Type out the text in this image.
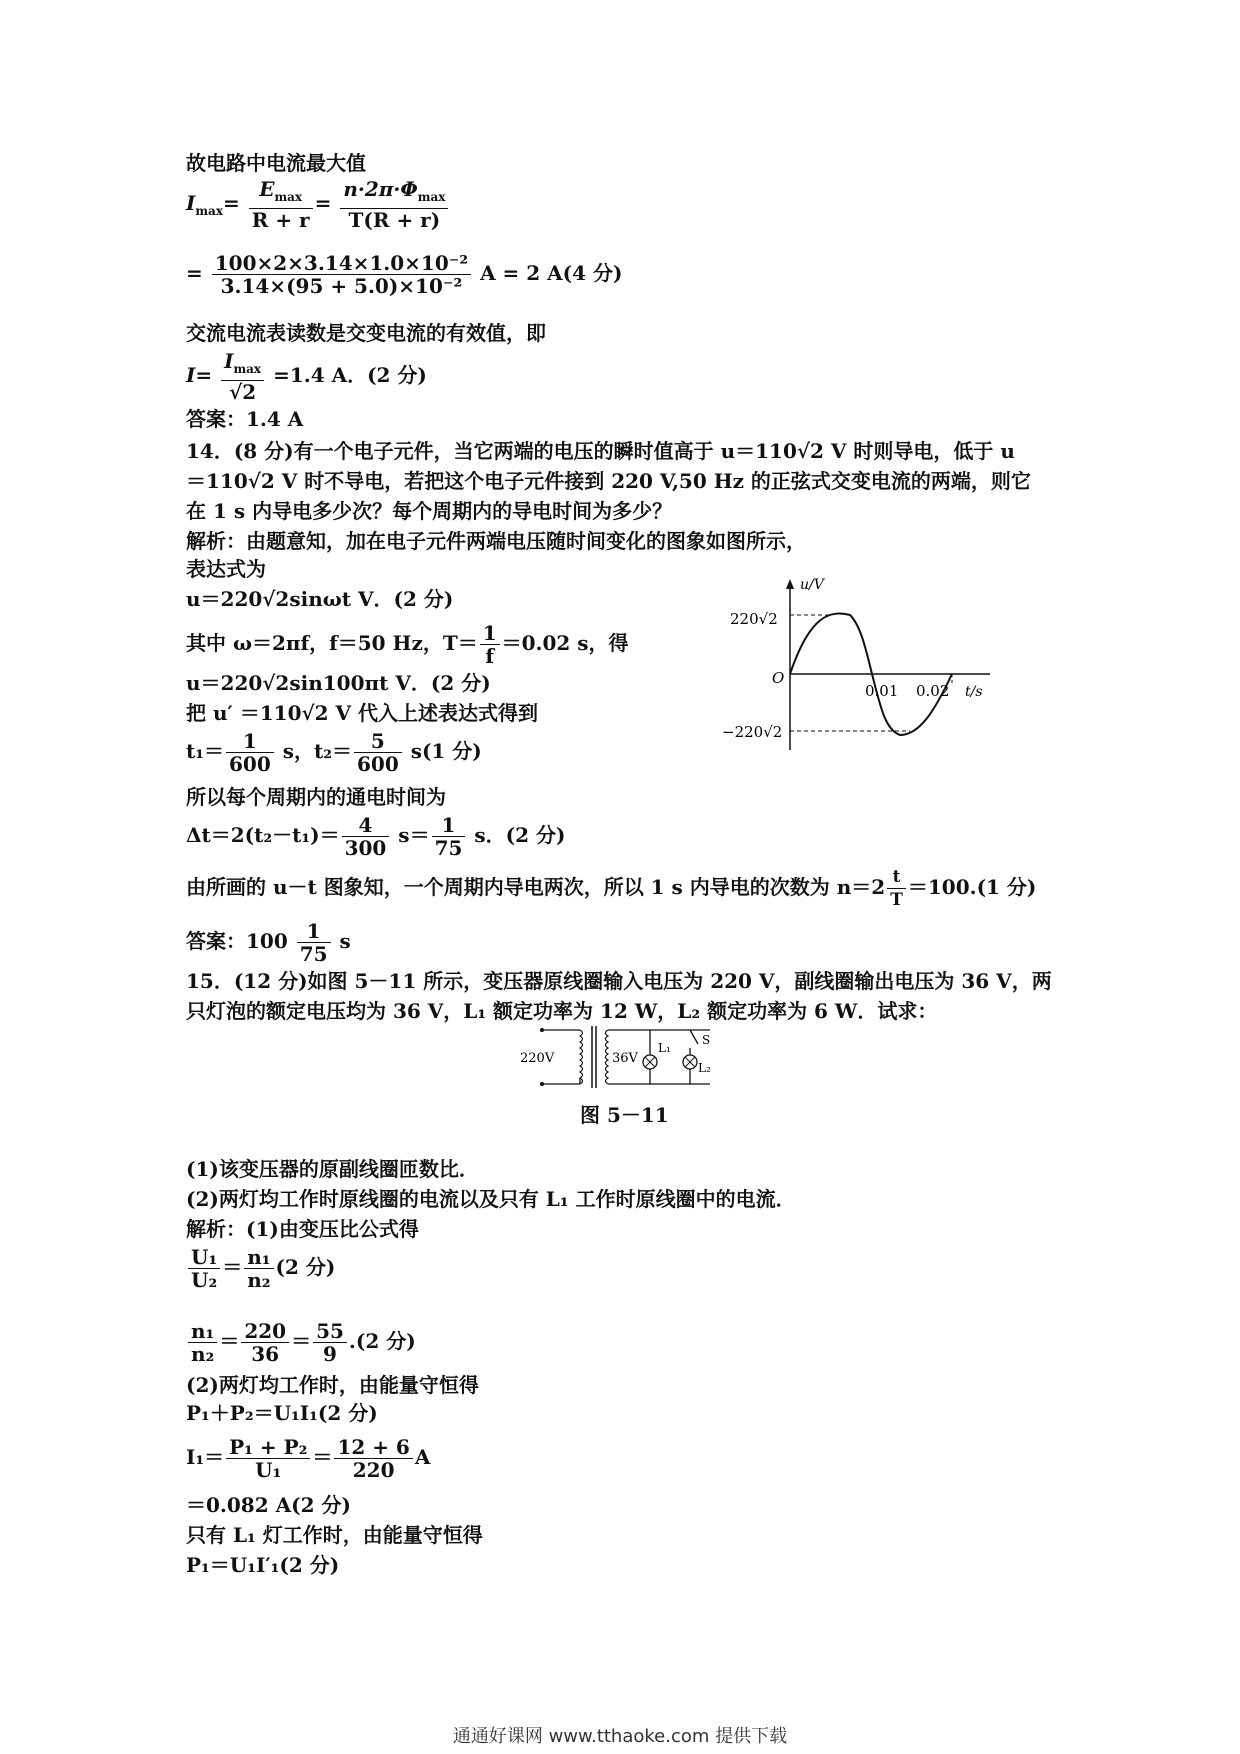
故电路中电流最大值
$I_{max}= \frac{E_{max}}{R + r} = \frac{n\cdot 2\pi\cdot\Phi_{max}}{T(R + r)}$
= $\frac{\text{100×2×3.14×1.0×10⁻²}}{\text{3.14×(95 + 5.0)×10⁻²}}$ A = 2 A(4 分)
交流电流表读数是交变电流的有效值，即
$I= \frac{I_{max}}{√2} =1.4$ A．(2 分)
答案：1.4 A
14．(8 分)有一个电子元件，当它两端的电压的瞬时值高于 u＝110√2 V 时则导电，低于 u
＝110√2 V 时不导电，若把这个电子元件接到 220 V,50 Hz 的正弦式交变电流的两端，则它
在 1 s 内导电多少次？每个周期内的导电时间为多少？
解析：由题意知，加在电子元件两端电压随时间变化的图象如图所示，
表达式为
u＝220√2sinωt V．(2 分)
其中 ω＝2πf，f＝50 Hz，$T= \frac{1}{f} =0.02$ s，得
u＝220√2sin100πt V．(2 分)
把 u′ ＝110√2 V 代入上述表达式得到
$t_1= \frac{1}{600}$ s，$t_2= \frac{5}{600} s(1$ 分)
所以每个周期内的通电时间为
$\Delta t=2(t_2-t_1)= \frac{4}{300} s= \frac{1}{75}$ s．(2 分)
由所画的 u－t 图象知，一个周期内导电两次，所以 1 s 内导电的次数为 $n=2 \frac{t}{T} =100.(1$ 分)
答案：$100 \frac{1}{75}$ s
u/V
220√2
O
0.01 0.02 t/s
−220√2
15．(12 分)如图 5－11 所示，变压器原线圈输入电压为 220 V，副线圈输出电压为 36 V，两
只灯泡的额定电压均为 36 V，L₁ 额定功率为 12 W，L₂ 额定功率为 6 W．试求：
220V	36V
L₁
S
L₂
图 5－11
(1)该变压器的原副线圈匝数比．
(2)两灯均工作时原线圈的电流以及只有 L₁ 工作时原线圈中的电流．
解析：(1)由变压比公式得
$\frac{\text{U₁}}{\text{U₂}} = \frac{\text{n₁}}{\text{n₂}} (2$ 分)
$\frac{\text{n₁}}{\text{n₂}} = \frac{220}{36} = \frac{55}{9} .(2$ 分)
(2)两灯均工作时，由能量守恒得
P₁＋P₂＝U₁I₁(2 分)
$I_1= \frac{\text{P₁ + P₂}}{\text{U₁}} = \frac{12 + 6}{220}$ A
＝0.082 A(2 分)
只有 L₁ 灯工作时，由能量守恒得
P₁＝U₁I′₁(2 分)
通通好课网 www.tthaoke.com 提供下载
